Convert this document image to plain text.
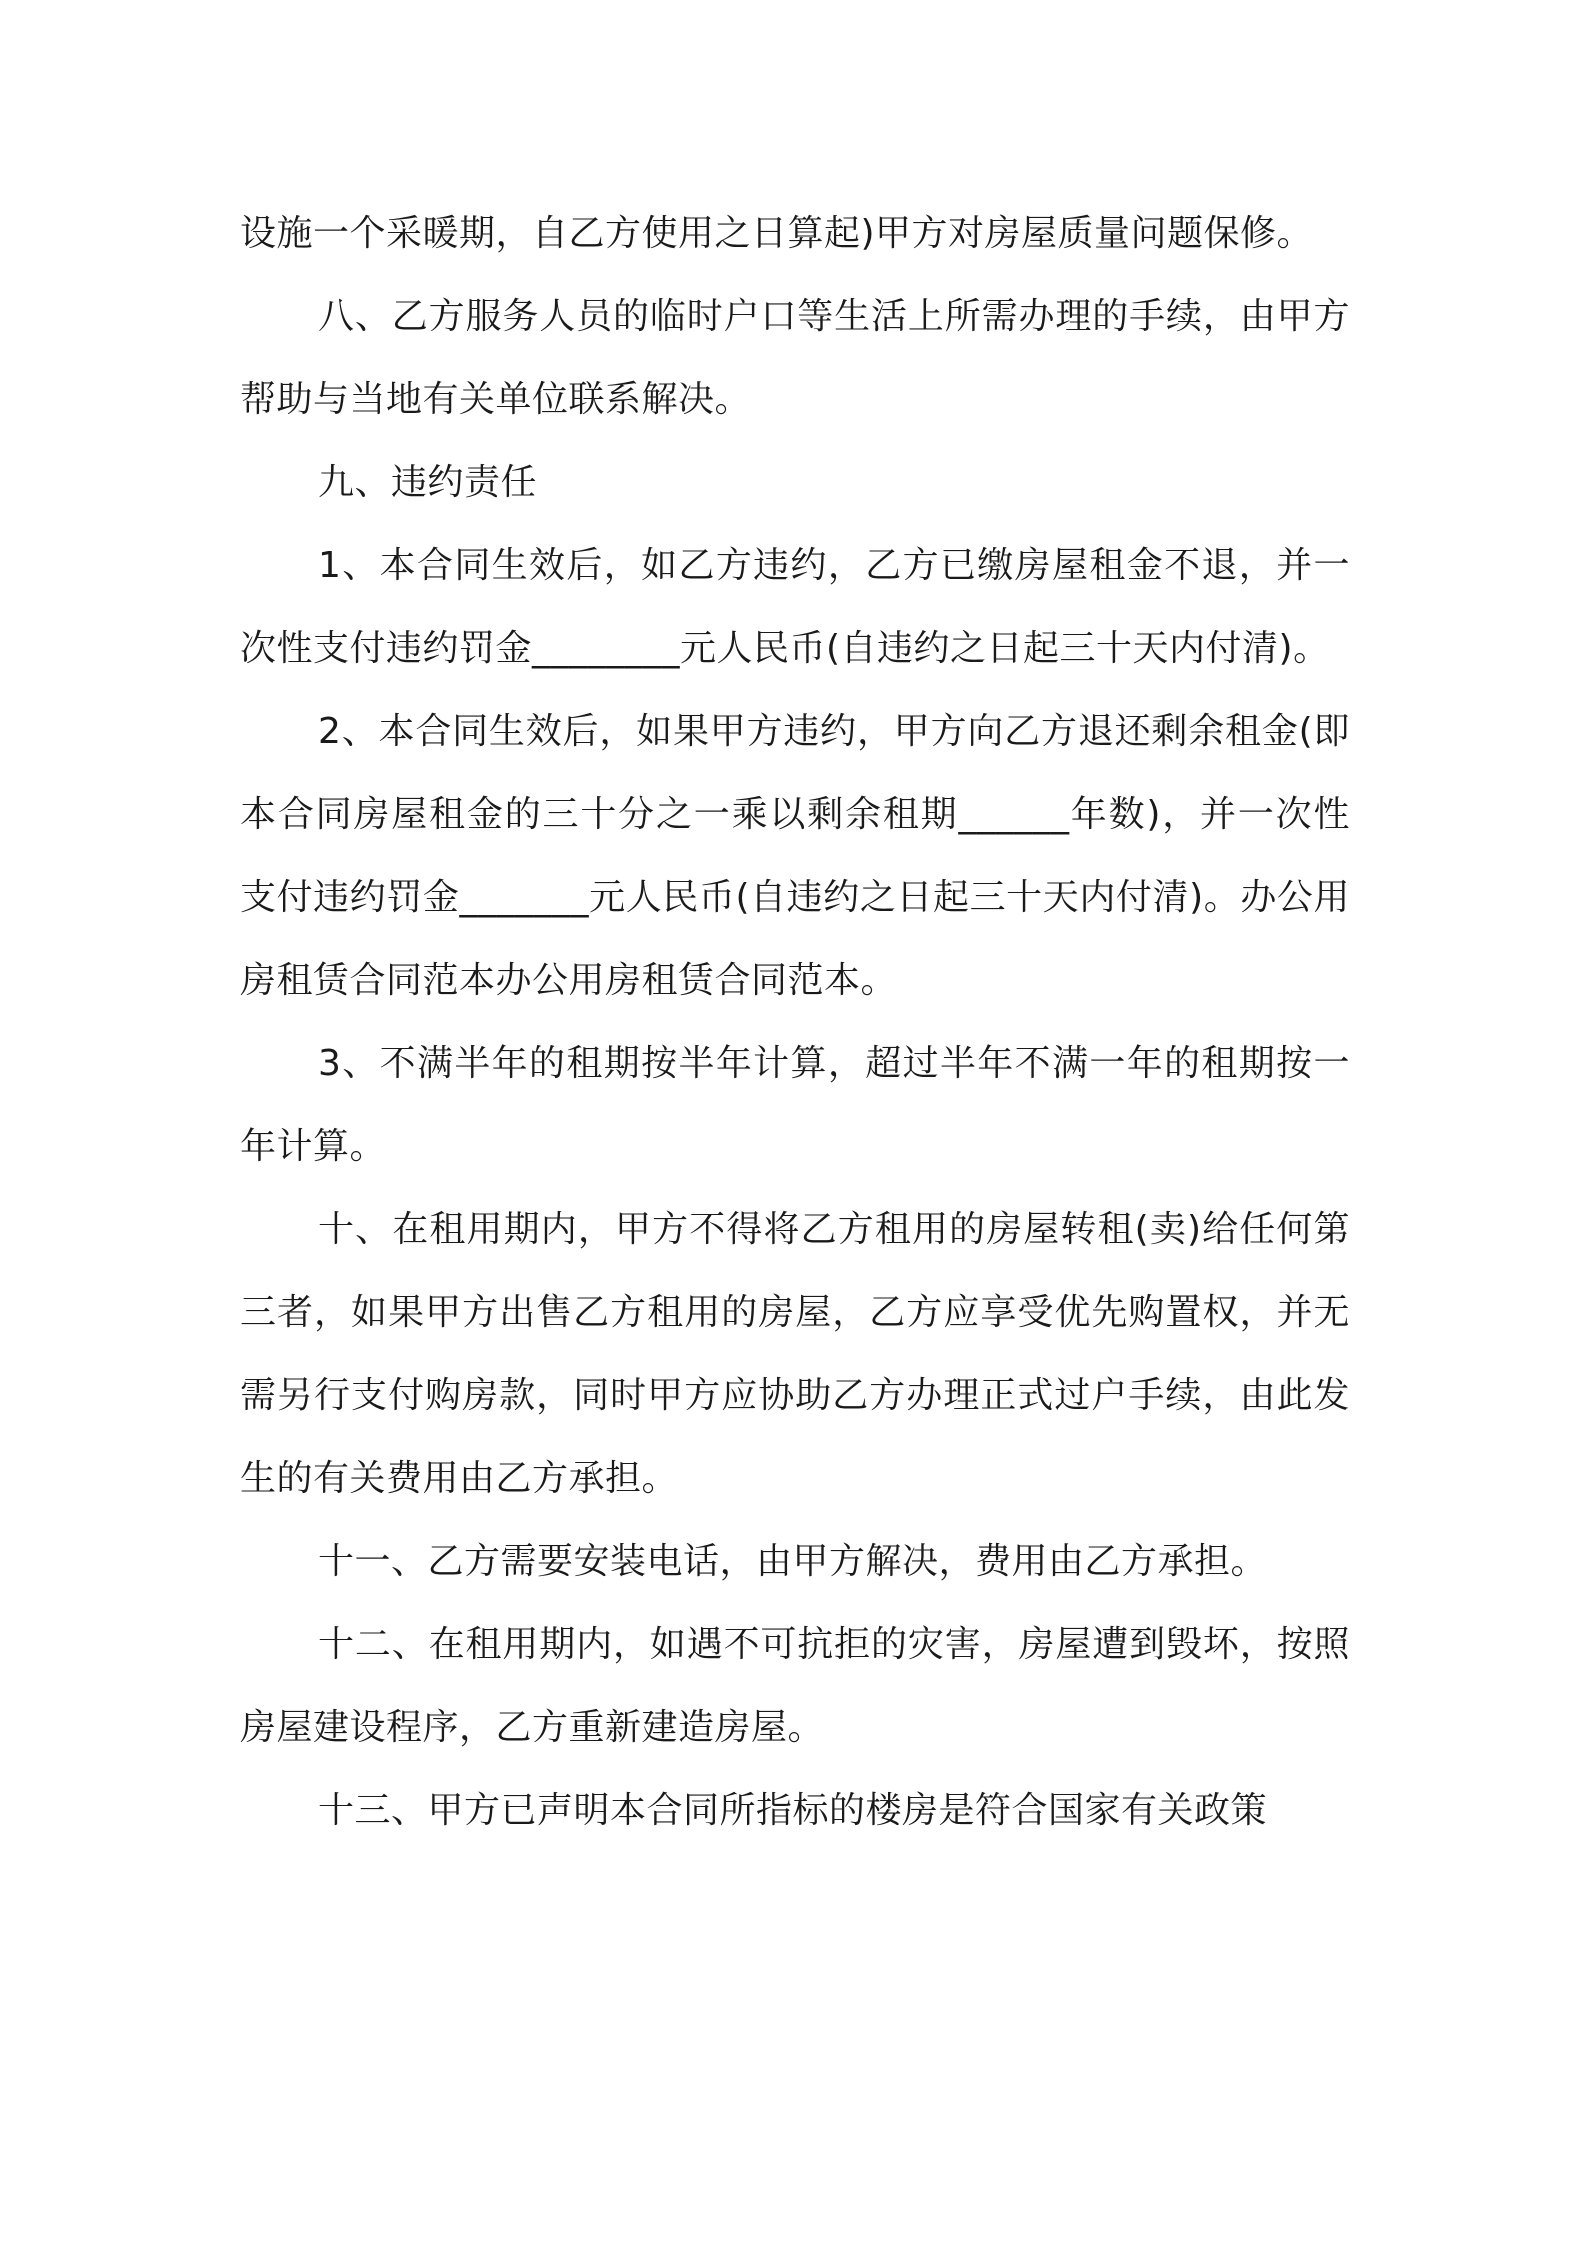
设施一个采暖期，自乙方使用之日算起)甲方对房屋质量问题保修。

八、乙方服务人员的临时户口等生活上所需办理的手续，由甲方帮助与当地有关单位联系解决。

九、违约责任

1、本合同生效后，如乙方违约，乙方已缴房屋租金不退，并一次性支付违约罚金________元人民币(自违约之日起三十天内付清)。

2、本合同生效后，如果甲方违约，甲方向乙方退还剩余租金(即本合同房屋租金的三十分之一乘以剩余租期______年数)，并一次性支付违约罚金_______元人民币(自违约之日起三十天内付清)。办公用房租赁合同范本办公用房租赁合同范本。

3、不满半年的租期按半年计算，超过半年不满一年的租期按一年计算。

十、在租用期内，甲方不得将乙方租用的房屋转租(卖)给任何第三者，如果甲方出售乙方租用的房屋，乙方应享受优先购置权，并无需另行支付购房款，同时甲方应协助乙方办理正式过户手续，由此发生的有关费用由乙方承担。

十一、乙方需要安装电话，由甲方解决，费用由乙方承担。

十二、在租用期内，如遇不可抗拒的灾害，房屋遭到毁坏，按照房屋建设程序，乙方重新建造房屋。

十三、甲方已声明本合同所指标的楼房是符合国家有关政策
